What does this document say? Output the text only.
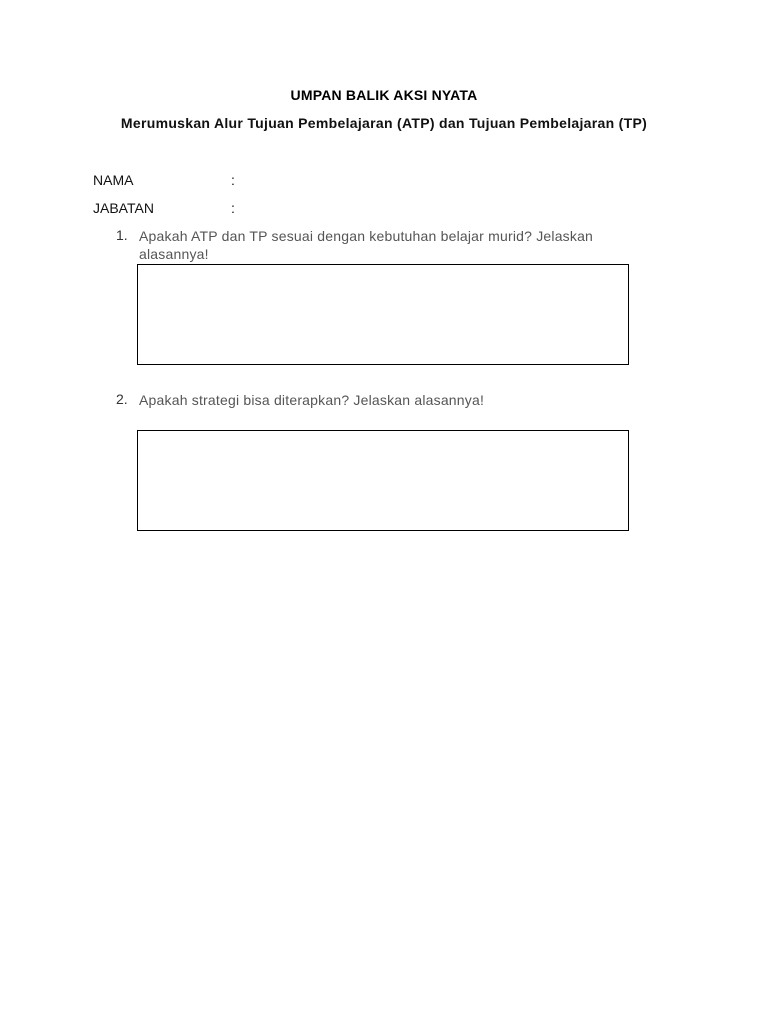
UMPAN BALIK AKSI NYATA
Merumuskan Alur Tujuan Pembelajaran (ATP) dan Tujuan Pembelajaran (TP)
NAMA	:
JABATAN	:
1. Apakah ATP dan TP sesuai dengan kebutuhan belajar murid? Jelaskan alasannya!
2. Apakah strategi bisa diterapkan? Jelaskan alasannya!
